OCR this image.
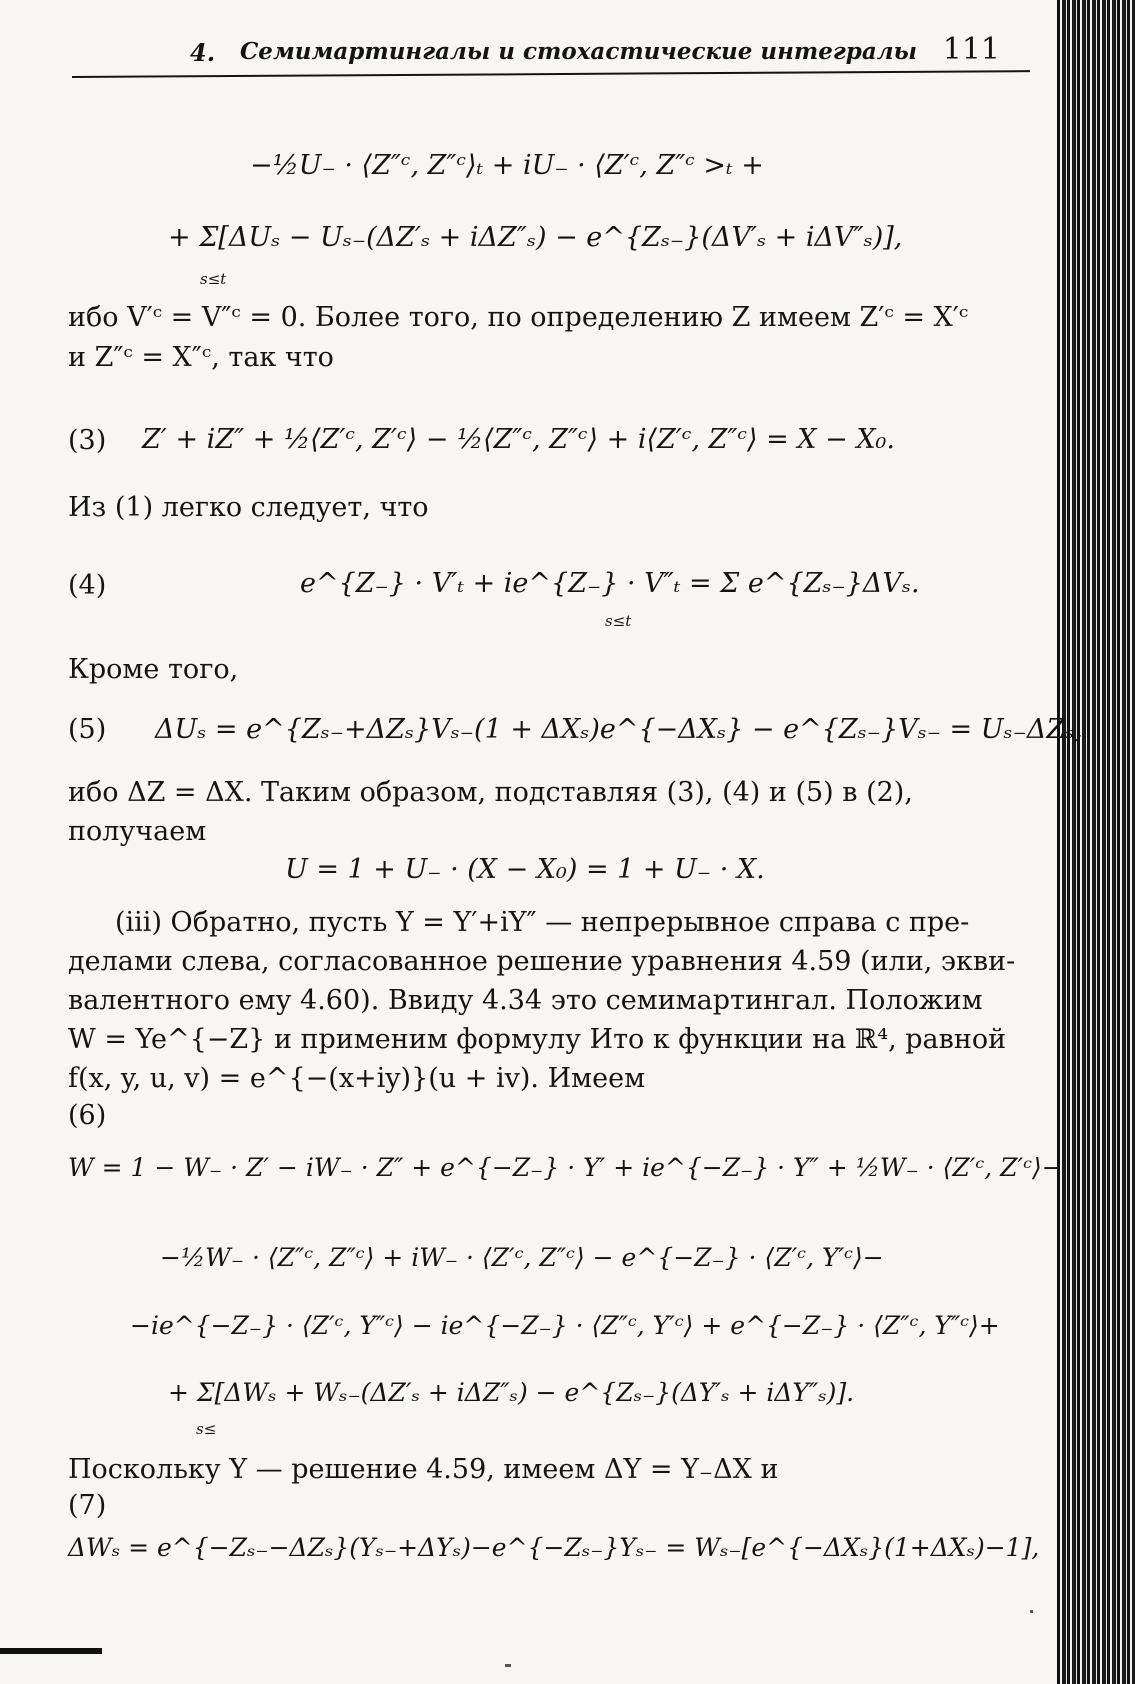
4. Семимартингалы и стохастические интегралы 111
−½U₋ · ⟨Z″ᶜ, Z″ᶜ⟩ₜ + iU₋ · ⟨Z′ᶜ, Z″ᶜ >ₜ +
+ Σ[ΔUₛ − Uₛ₋(ΔZ′ₛ + iΔZ″ₛ) − e^{Zₛ₋}(ΔV′ₛ + iΔV″ₛ)],
s≤t
ибо V′ᶜ = V″ᶜ = 0. Более того, по определению Z имеем Z′ᶜ = X′ᶜ
и Z″ᶜ = X″ᶜ, так что
(3) Z′ + iZ″ + ½⟨Z′ᶜ, Z′ᶜ⟩ − ½⟨Z″ᶜ, Z″ᶜ⟩ + i⟨Z′ᶜ, Z″ᶜ⟩ = X − X₀.
Из (1) легко следует, что
(4)	e^{Z₋} · V′ₜ + ie^{Z₋} · V″ₜ = Σ e^{Zₛ₋}ΔVₛ.
s≤t
Кроме того,
(5) ΔUₛ = e^{Zₛ₋+ΔZₛ}Vₛ₋(1 + ΔXₛ)e^{−ΔXₛ} − e^{Zₛ₋}Vₛ₋ = Uₛ₋ΔZₛ,
ибо ΔZ = ΔX. Таким образом, подставляя (3), (4) и (5) в (2),
получаем
U = 1 + U₋ · (X − X₀) = 1 + U₋ · X.
(iii) Обратно, пусть Y = Y′+iY″ — непрерывное справа с пре-
делами слева, согласованное решение уравнения 4.59 (или, экви-
валентного ему 4.60). Ввиду 4.34 это семимартингал. Положим
W = Ye^{−Z} и применим формулу Ито к функции на ℝ⁴, равной
f(x, y, u, v) = e^{−(x+iy)}(u + iv). Имеем
(6)
W = 1 − W₋ · Z′ − iW₋ · Z″ + e^{−Z₋} · Y′ + ie^{−Z₋} · Y″ + ½W₋ · ⟨Z′ᶜ, Z′ᶜ⟩−
−½W₋ · ⟨Z″ᶜ, Z″ᶜ⟩ + iW₋ · ⟨Z′ᶜ, Z″ᶜ⟩ − e^{−Z₋} · ⟨Z′ᶜ, Y′ᶜ⟩−
−ie^{−Z₋} · ⟨Z′ᶜ, Y″ᶜ⟩ − ie^{−Z₋} · ⟨Z″ᶜ, Y′ᶜ⟩ + e^{−Z₋} · ⟨Z″ᶜ, Y″ᶜ⟩+
+ Σ[ΔWₛ + Wₛ₋(ΔZ′ₛ + iΔZ″ₛ) − e^{Zₛ₋}(ΔY′ₛ + iΔY″ₛ)].
s≤
Поскольку Y — решение 4.59, имеем ΔY = Y₋ΔX и
(7)
ΔWₛ = e^{−Zₛ₋−ΔZₛ}(Yₛ₋+ΔYₛ)−e^{−Zₛ₋}Yₛ₋ = Wₛ₋[e^{−ΔXₛ}(1+ΔXₛ)−1],
